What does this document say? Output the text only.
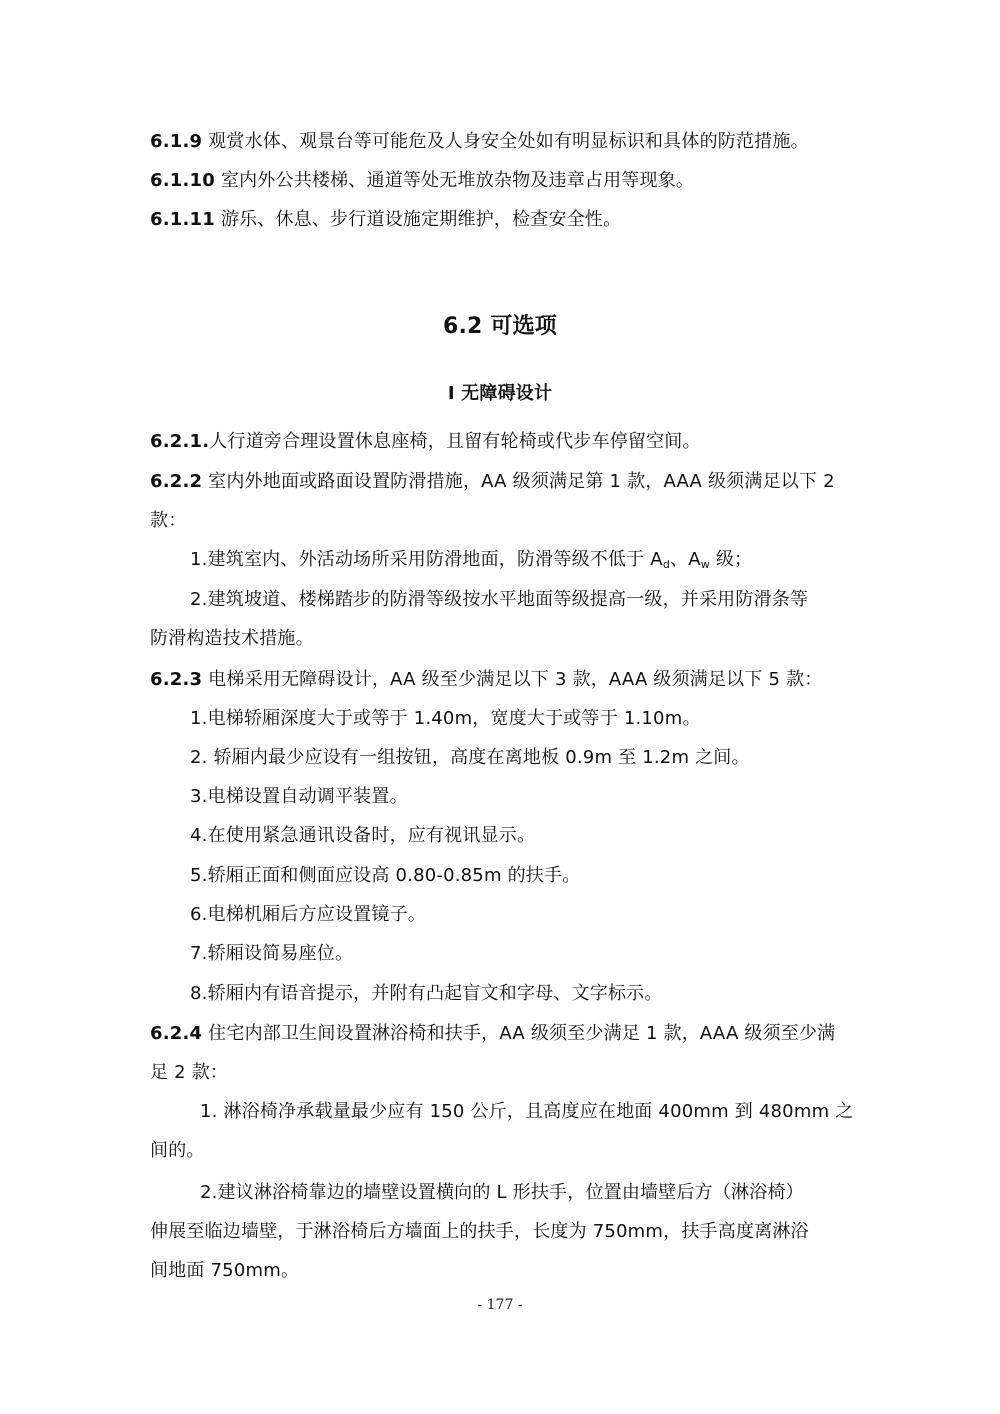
6.1.9 观赏水体、观景台等可能危及人身安全处如有明显标识和具体的防范措施。
6.1.10 室内外公共楼梯、通道等处无堆放杂物及违章占用等现象。
6.1.11 游乐、休息、步行道设施定期维护，检查安全性。
6.2 可选项
I 无障碍设计
6.2.1.人行道旁合理设置休息座椅，且留有轮椅或代步车停留空间。
6.2.2 室内外地面或路面设置防滑措施，AA 级须满足第 1 款，AAA 级须满足以下 2
款：
1.建筑室内、外活动场所采用防滑地面，防滑等级不低于 $A_d$、$A_w$ 级；
2.建筑坡道、楼梯踏步的防滑等级按水平地面等级提高一级，并采用防滑条等
防滑构造技术措施。
6.2.3 电梯采用无障碍设计，AA 级至少满足以下 3 款，AAA 级须满足以下 5 款：
1.电梯轿厢深度大于或等于 1.40m，宽度大于或等于 1.10m。
2. 轿厢内最少应设有一组按钮，高度在离地板 0.9m 至 1.2m 之间。
3.电梯设置自动调平装置。
4.在使用紧急通讯设备时，应有视讯显示。
5.轿厢正面和侧面应设高 0.80-0.85m 的扶手。
6.电梯机厢后方应设置镜子。
7.轿厢设简易座位。
8.轿厢内有语音提示，并附有凸起盲文和字母、文字标示。
6.2.4 住宅内部卫生间设置淋浴椅和扶手，AA 级须至少满足 1 款，AAA 级须至少满
足 2 款：
1. 淋浴椅净承载量最少应有 150 公斤，且高度应在地面 400mm 到 480mm 之
间的。
2.建议淋浴椅靠边的墙壁设置横向的 L 形扶手，位置由墙壁后方（淋浴椅）
伸展至临边墙壁，于淋浴椅后方墙面上的扶手，长度为 750mm，扶手高度离淋浴
间地面 750mm。
- 177 -
